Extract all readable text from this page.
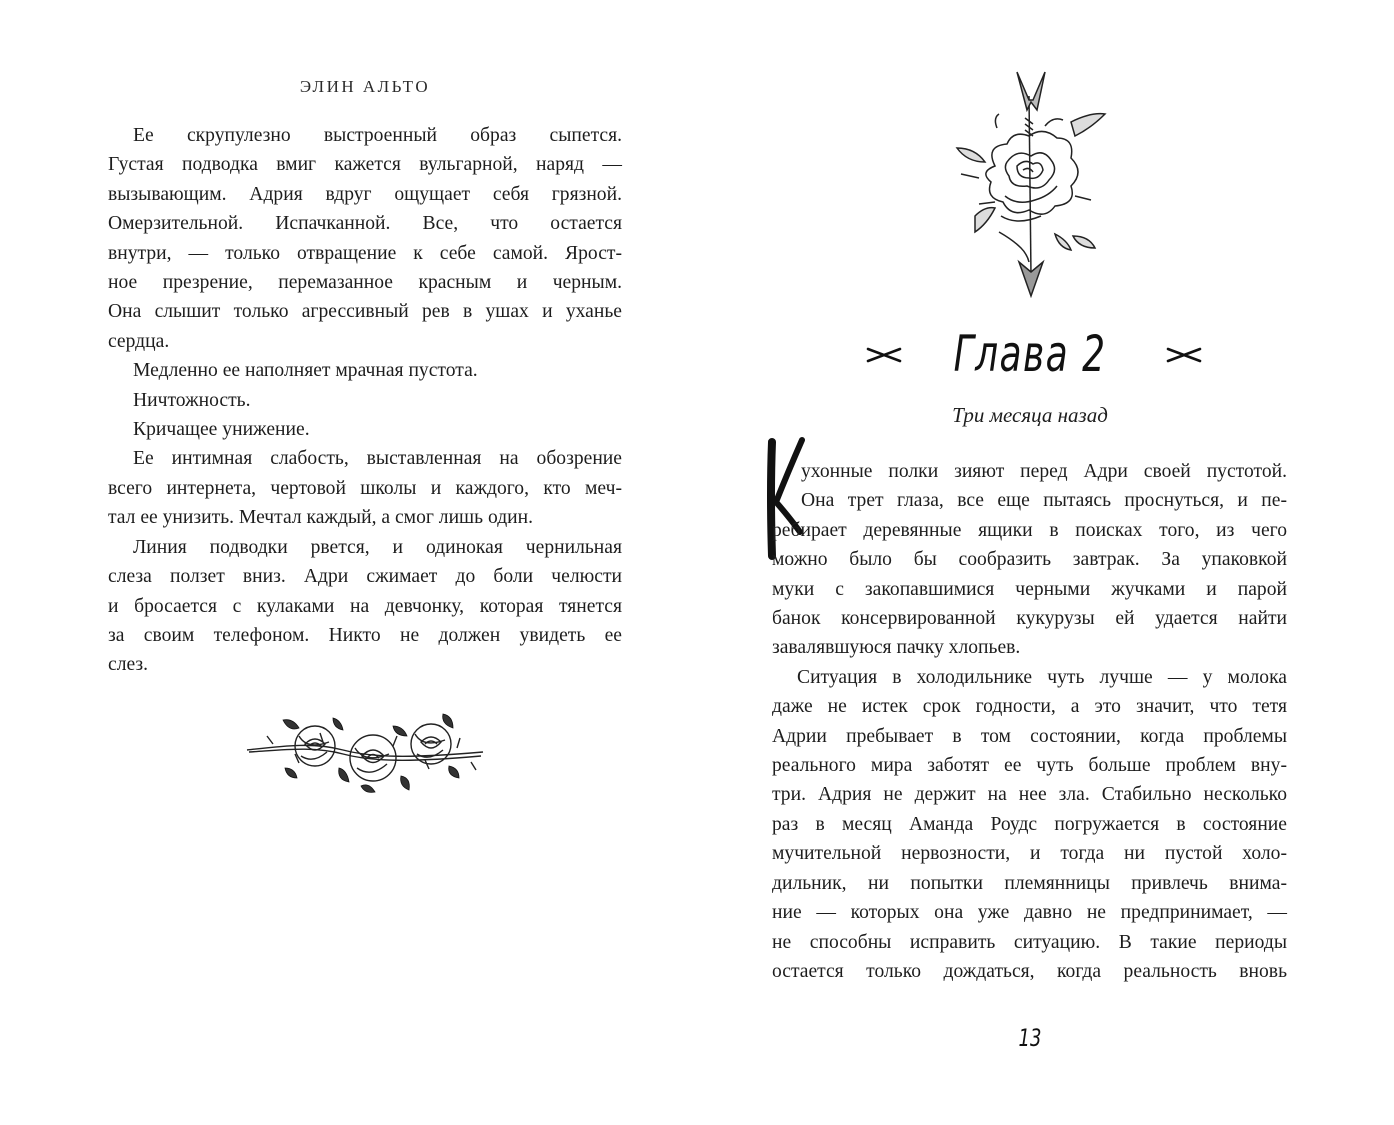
ЭЛИН АЛЬТО
Ее скрупулезно выстроенный образ сыпется.
Густая подводка вмиг кажется вульгарной, наряд —
вызывающим. Адрия вдруг ощущает себя грязной.
Омерзительной. Испачканной. Все, что остается
внутри, — только отвращение к себе самой. Ярост-
ное презрение, перемазанное красным и черным.
Она слышит только агрессивный рев в ушах и уханье
сердца.
Медленно ее наполняет мрачная пустота.
Ничтожность.
Кричащее унижение.
Ее интимная слабость, выставленная на обозрение
всего интернета, чертовой школы и каждого, кто меч-
тал ее унизить. Мечтал каждый, а смог лишь один.
Линия подводки рвется, и одинокая чернильная
слеза ползет вниз. Адри сжимает до боли челюсти
и бросается с кулаками на девчонку, которая тянется
за своим телефоном. Никто не должен увидеть ее
слез.
Глава 2
Три месяца назад
К
ухонные полки зияют перед Адри своей пустотой.
Она трет глаза, все еще пытаясь проснуться, и пе-
ребирает деревянные ящики в поисках того, из чего
можно было бы сообразить завтрак. За упаковкой
муки с закопавшимися черными жучками и парой
банок консервированной кукурузы ей удается найти
завалявшуюся пачку хлопьев.
Ситуация в холодильнике чуть лучше — у молока
даже не истек срок годности, а это значит, что тетя
Адрии пребывает в том состоянии, когда проблемы
реального мира заботят ее чуть больше проблем вну-
три. Адрия не держит на нее зла. Стабильно несколько
раз в месяц Аманда Роудс погружается в состояние
мучительной нервозности, и тогда ни пустой холо-
дильник, ни попытки племянницы привлечь внима-
ние — которых она уже давно не предпринимает, —
не способны исправить ситуацию. В такие периоды
остается только дождаться, когда реальность вновь
13
